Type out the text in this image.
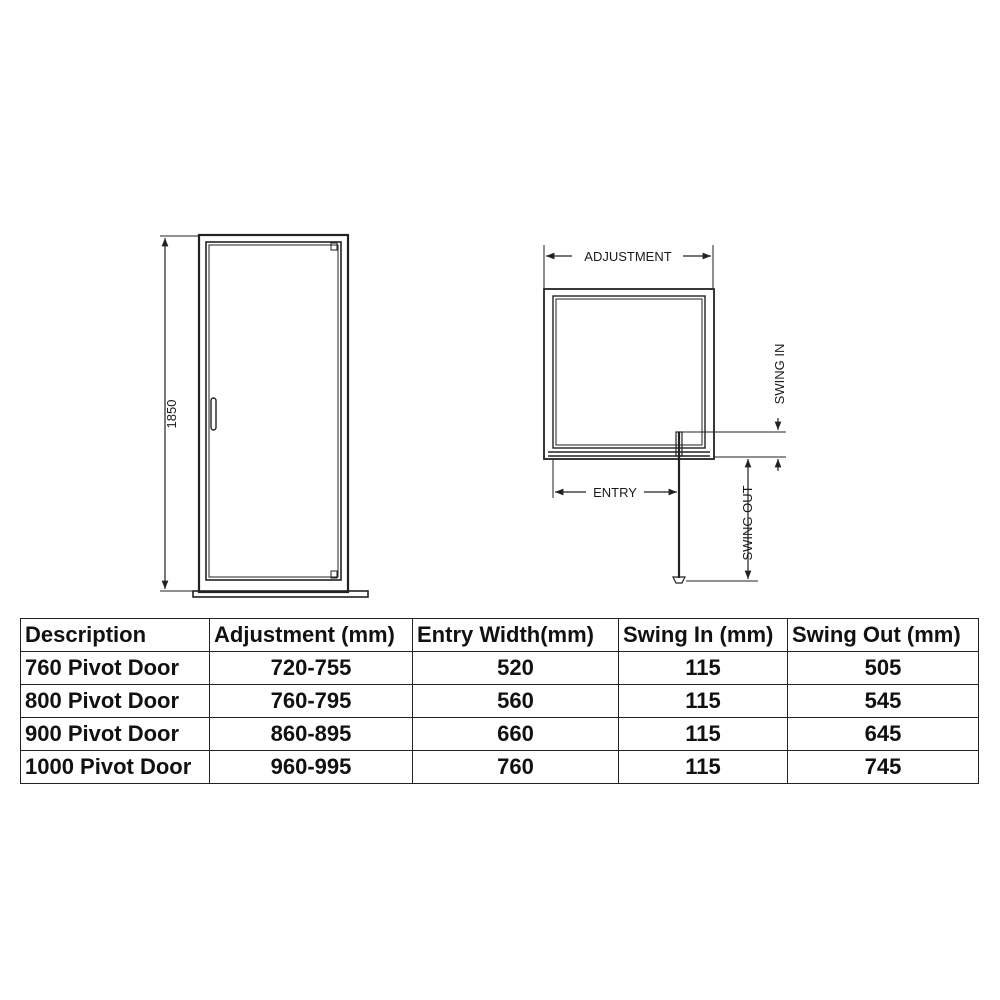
1850
ADJUSTMENT
ENTRY
SWING IN
SWING OUT
Description	Adjustment (mm)	Entry Width(mm)	Swing In (mm)	Swing Out (mm)
760 Pivot Door	720-755	520	115	505
800 Pivot Door	760-795	560	115	545
900 Pivot Door	860-895	660	115	645
1000 Pivot Door	960-995	760	115	745
